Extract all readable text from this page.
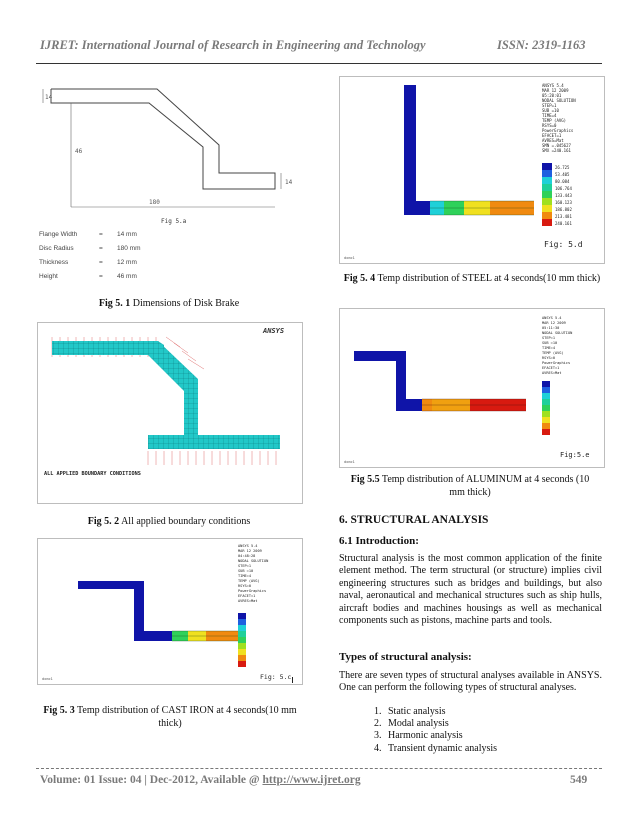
IJRET: International Journal of Research in Engineering and Technology	ISSN: 2319-1163
14
46
14
180
Fig 5.a
Flange Width	= 14 mm
Disc Radius	= 180 mm
Thickness	= 12 mm
Height	= 46 mm
Fig 5. 1 Dimensions of Disk Brake
ALL APPLIED BOUNDARY CONDITIONS
ANSYS
Fig 5. 2 All applied boundary conditions
ANSYS 5.4
MAR 12 2009
04:48:28
NODAL SOLUTION
STEP=1
SUB =10
TIME=4
TEMP (AVG)
RSYS=0
PowerGraphics
EFACET=1
AVRES=Mat
Fig: 5.c
dxmc1
Fig 5. 3 Temp distribution of CAST IRON at 4 seconds(10 mm thick)
ANSYS 5.4
MAR 12 2009
05:20:01
NODAL SOLUTION
STEP=1
SUB =10
TIME=4
TEMP (AVG)
RSYS=0
PowerGraphics
EFACET=1
AVRES=Mat
SMN =.045627
SMX =240.161
26.725
53.405
80.084
106.764
133.443
160.123
186.802
213.481
240.161
Fig: 5.d
dxmc1
Fig 5. 4 Temp distribution of STEEL at 4 seconds(10 mm thick)
ANSYS 5.4
MAR 12 2009
05:11:30
NODAL SOLUTION
STEP=1
SUB =10
TIME=4
TEMP (AVG)
RSYS=0
PowerGraphics
EFACET=1
AVRES=Mat
Fig:5.e
dxmc1
Fig 5.5 Temp distribution of ALUMINUM at 4 seconds (10 mm thick)
6. STRUCTURAL ANALYSIS
6.1 Introduction:
Structural analysis is the most common application of the finite element method. The term structural (or structure) implies civil engineering structures such as bridges and buildings, but also naval, aeronautical and mechanical structures such as ship hulls, aircraft bodies and machines housings as well as mechanical components such as pistons, machine parts and tools.
Types of structural analysis:
There are seven types of structural analyses available in ANSYS. One can perform the following types of structural analyses.
1. Static analysis
2. Modal analysis
3. Harmonic analysis
4. Transient dynamic analysis
Volume: 01 Issue: 04 | Dec-2012, Available @ http://www.ijret.org	549
